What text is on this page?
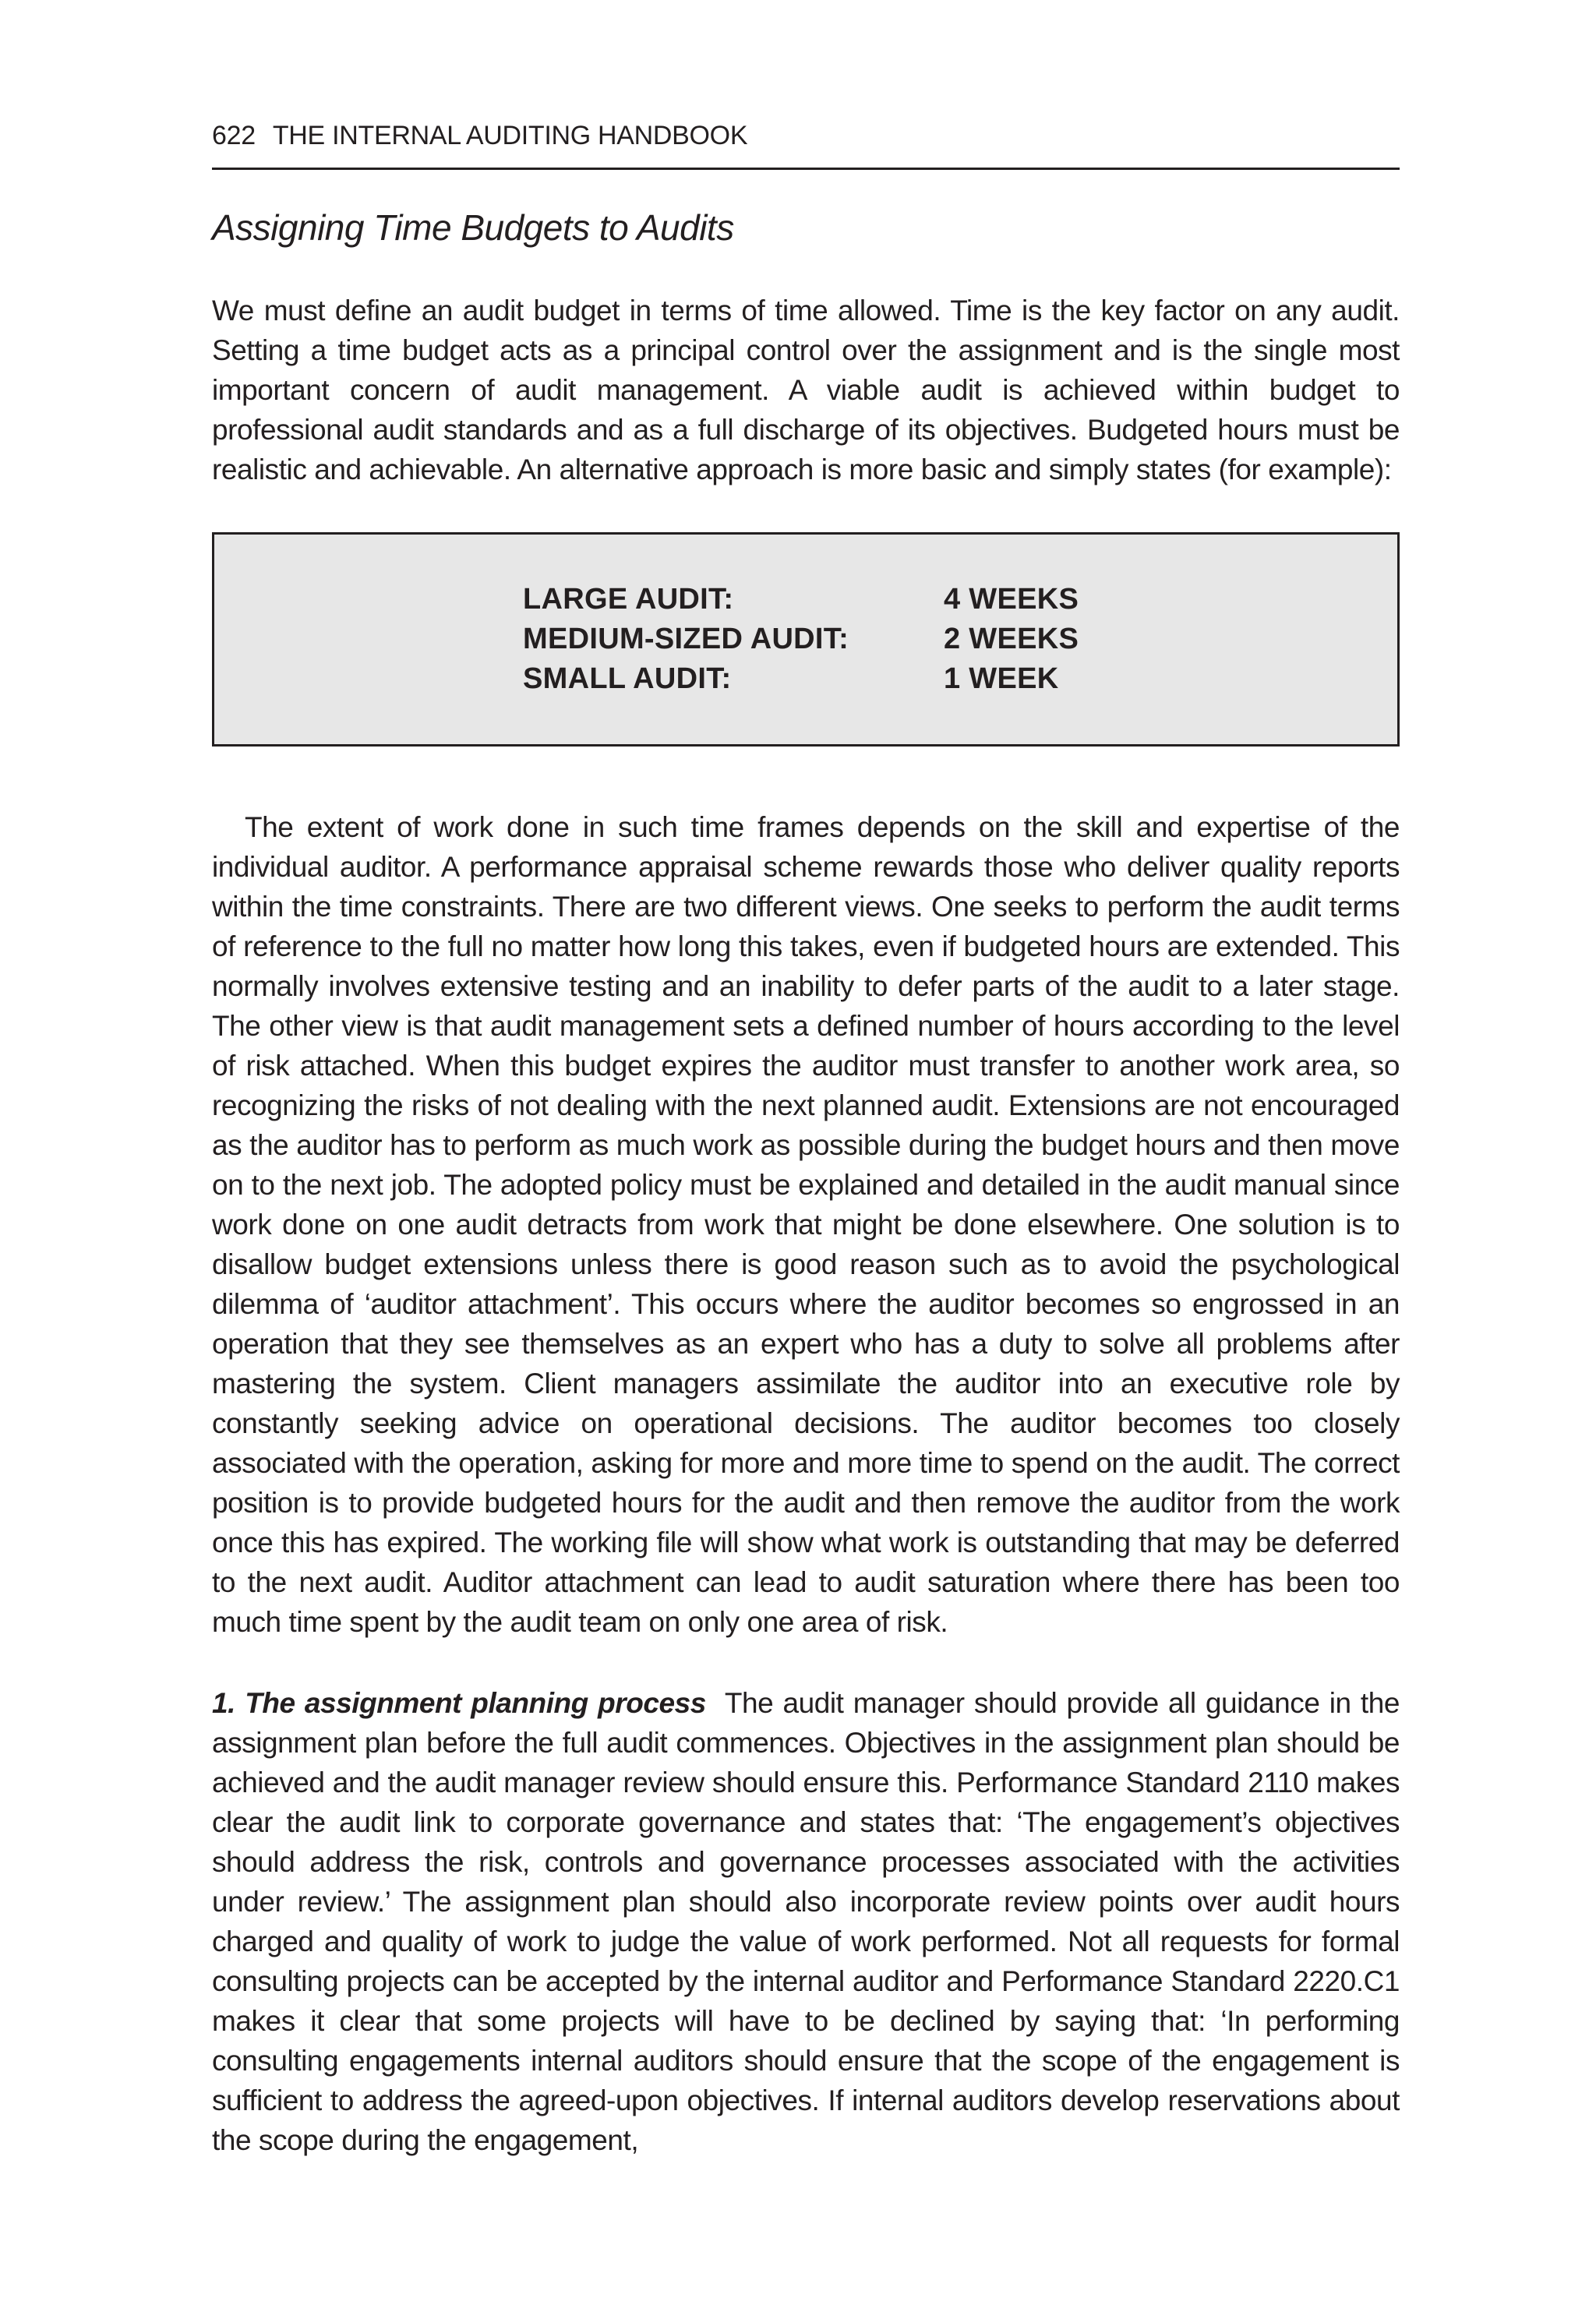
622 THE INTERNAL AUDITING HANDBOOK
Assigning Time Budgets to Audits

We must define an audit budget in terms of time allowed. Time is the key factor on any audit. Setting a time budget acts as a principal control over the assignment and is the single most important concern of audit management. A viable audit is achieved within budget to professional audit standards and as a full discharge of its objectives. Budgeted hours must be realistic and achievable. An alternative approach is more basic and simply states (for example):

LARGE AUDIT:	4 WEEKS
MEDIUM-SIZED AUDIT:	2 WEEKS
SMALL AUDIT:	1 WEEK

The extent of work done in such time frames depends on the skill and expertise of the individual auditor. A performance appraisal scheme rewards those who deliver quality reports within the time constraints. There are two different views. One seeks to perform the audit terms of reference to the full no matter how long this takes, even if budgeted hours are extended. This normally involves extensive testing and an inability to defer parts of the audit to a later stage. The other view is that audit management sets a defined number of hours according to the level of risk attached. When this budget expires the auditor must transfer to another work area, so recognizing the risks of not dealing with the next planned audit. Extensions are not encouraged as the auditor has to perform as much work as possible during the budget hours and then move on to the next job. The adopted policy must be explained and detailed in the audit manual since work done on one audit detracts from work that might be done elsewhere. One solution is to disallow budget extensions unless there is good reason such as to avoid the psychological dilemma of ‘auditor attachment’. This occurs where the auditor becomes so engrossed in an operation that they see themselves as an expert who has a duty to solve all problems after mastering the system. Client managers assimilate the auditor into an executive role by constantly seeking advice on operational decisions. The auditor becomes too closely associated with the operation, asking for more and more time to spend on the audit. The correct position is to provide budgeted hours for the audit and then remove the auditor from the work once this has expired. The working file will show what work is outstanding that may be deferred to the next audit. Auditor attachment can lead to audit saturation where there has been too much time spent by the audit team on only one area of risk.

1. The assignment planning process The audit manager should provide all guidance in the assignment plan before the full audit commences. Objectives in the assignment plan should be achieved and the audit manager review should ensure this. Performance Standard 2110 makes clear the audit link to corporate governance and states that: ‘The engagement’s objectives should address the risk, controls and governance processes associated with the activities under review.’ The assignment plan should also incorporate review points over audit hours charged and quality of work to judge the value of work performed. Not all requests for formal consulting projects can be accepted by the internal auditor and Performance Standard 2220.C1 makes it clear that some projects will have to be declined by saying that: ‘In performing consulting engagements internal auditors should ensure that the scope of the engagement is sufficient to address the agreed-upon objectives. If internal auditors develop reservations about the scope during the engagement,
